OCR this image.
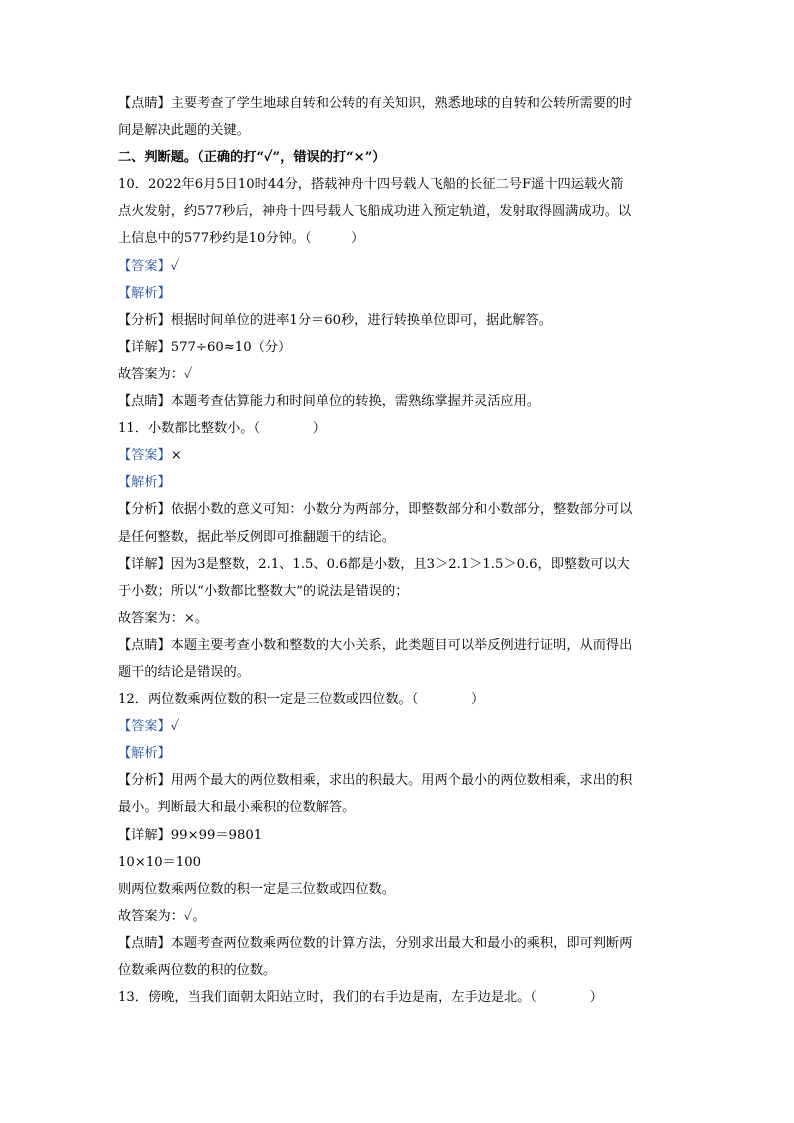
【点睛】主要考查了学生地球自转和公转的有关知识，熟悉地球的自转和公转所需要的时
间是解决此题的关键。
二、判断题。（正确的打“✓”，错误的打“×”）
10．2022年6月5日10时44分，搭载神舟十四号载人飞船的长征二号F遥十四运载火箭
点火发射，约577秒后，神舟十四号载人飞船成功进入预定轨道，发射取得圆满成功。以
上信息中的577秒约是10分钟。（　　　）
【答案】✓
【解析】
【分析】根据时间单位的进率1分＝60秒，进行转换单位即可，据此解答。
【详解】577÷60≈10（分）
故答案为：✓
【点睛】本题考查估算能力和时间单位的转换，需熟练掌握并灵活应用。
11．小数都比整数小。（　　　　）
【答案】×
【解析】
【分析】依据小数的意义可知：小数分为两部分，即整数部分和小数部分，整数部分可以
是任何整数，据此举反例即可推翻题干的结论。
【详解】因为3是整数，2.1、1.5、0.6都是小数，且3＞2.1＞1.5＞0.6，即整数可以大
于小数；所以“小数都比整数大”的说法是错误的；
故答案为：×。
【点睛】本题主要考查小数和整数的大小关系，此类题目可以举反例进行证明，从而得出
题干的结论是错误的。
12．两位数乘两位数的积一定是三位数或四位数。（　　　　）
【答案】✓
【解析】
【分析】用两个最大的两位数相乘，求出的积最大。用两个最小的两位数相乘，求出的积
最小。判断最大和最小乘积的位数解答。
【详解】99×99＝9801
10×10＝100
则两位数乘两位数的积一定是三位数或四位数。
故答案为：✓。
【点睛】本题考查两位数乘两位数的计算方法，分别求出最大和最小的乘积，即可判断两
位数乘两位数的积的位数。
13．傍晚，当我们面朝太阳站立时，我们的右手边是南，左手边是北。（　　　　）
